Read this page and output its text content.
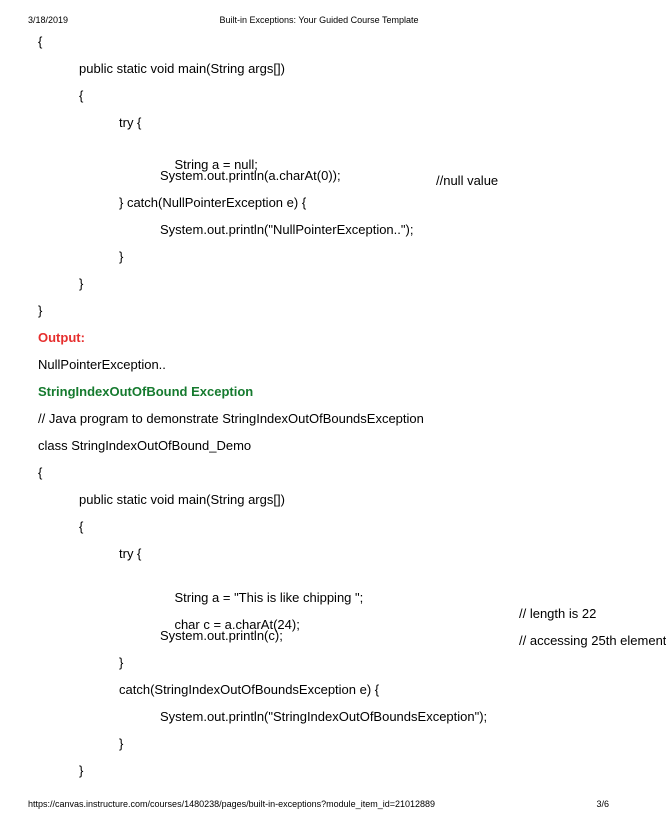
3/18/2019	Built-in Exceptions: Your Guided Course Template
{
public static void main(String args[])
{
try {

String a = null;

//null value

System.out.println(a.charAt(0));
} catch(NullPointerException e) {
System.out.println("NullPointerException..");
}
}
}
Output:
NullPointerException..
StringIndexOutOfBound Exception
// Java program to demonstrate StringIndexOutOfBoundsException
class StringIndexOutOfBound_Demo
{
public static void main(String args[])
{
try {

String a = "This is like chipping ";

// length is 22

char c = a.charAt(24);

// accessing 25th element

System.out.println(c);
}
catch(StringIndexOutOfBoundsException e) {
System.out.println("StringIndexOutOfBoundsException");
}
}
https://canvas.instructure.com/courses/1480238/pages/built-in-exceptions?module_item_id=21012889	3/6
